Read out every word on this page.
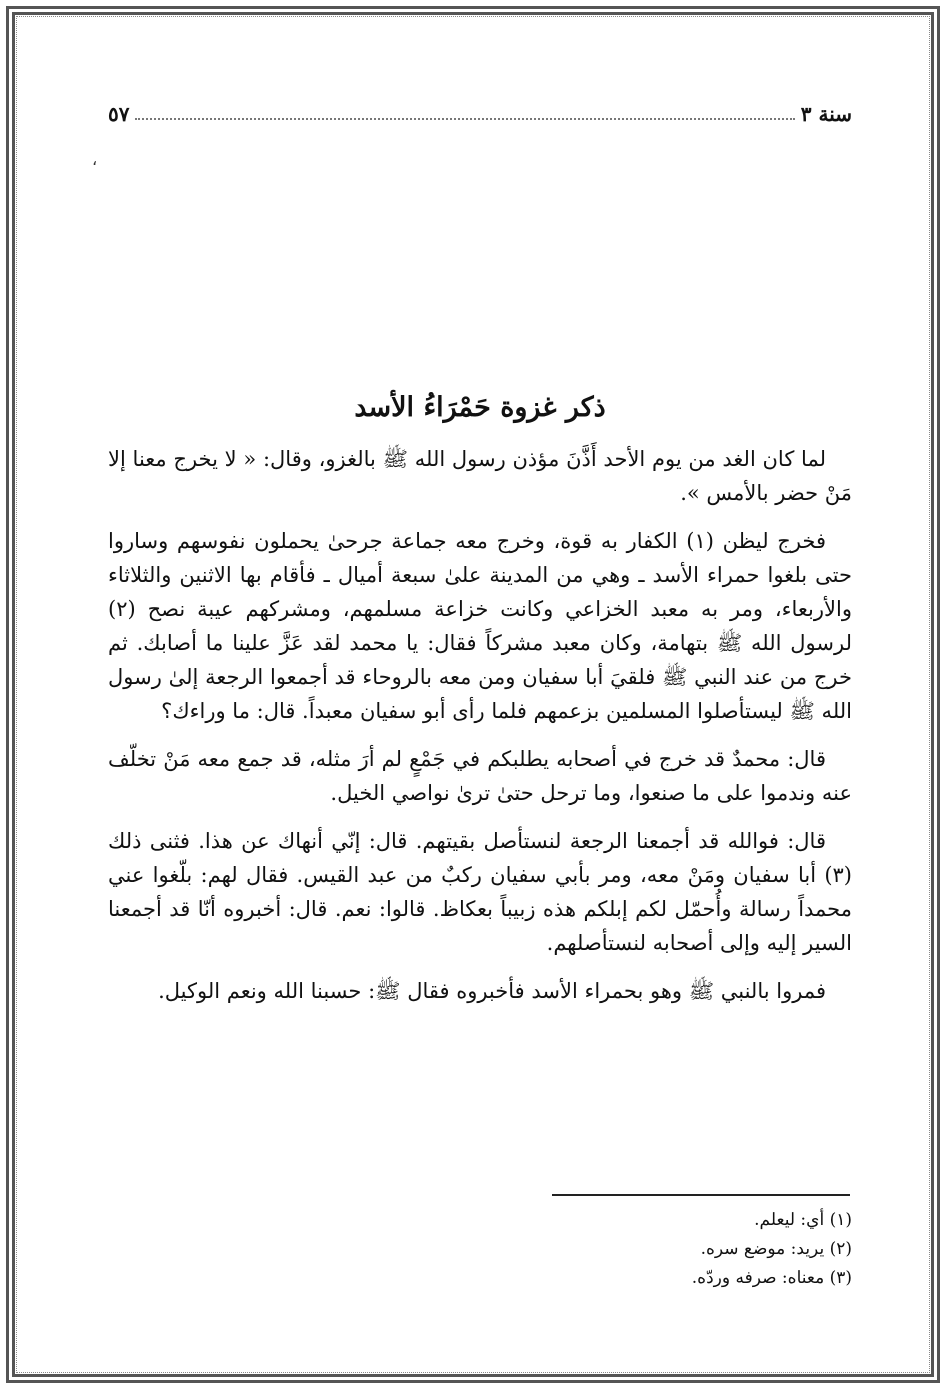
سنة ٣
٥٧
،
ذكر غزوة حَمْرَاءُ الأسد

لما كان الغد من يوم الأحد أَذَّنَ مؤذن رسول الله ﷺ بالغزو، وقال: « لا يخرج معنا إلا مَنْ حضر بالأمس ».

فخرج ليظن (١) الكفار به قوة، وخرج معه جماعة جرحىٰ يحملون نفوسهم وساروا حتى بلغوا حمراء الأسد ـ وهي من المدينة علىٰ سبعة أميال ـ فأقام بها الاثنين والثلاثاء والأربعاء، ومر به معبد الخزاعي وكانت خزاعة مسلمهم، ومشركهم عيبة نصح (٢) لرسول الله ﷺ بتهامة، وكان معبد مشركاً فقال: يا محمد لقد عَزَّ علينا ما أصابك. ثم خرج من عند النبي ﷺ فلقيَ أبا سفيان ومن معه بالروحاء قد أجمعوا الرجعة إلىٰ رسول الله ﷺ ليستأصلوا المسلمين بزعمهم فلما رأى أبو سفيان معبداً. قال: ما وراءك؟

قال: محمدٌ قد خرج في أصحابه يطلبكم في جَمْعٍ لم أرَ مثله، قد جمع معه مَنْ تخلّف عنه وندموا على ما صنعوا، وما ترحل حتىٰ ترىٰ نواصي الخيل.

قال: فوالله قد أجمعنا الرجعة لنستأصل بقيتهم. قال: إنّي أنهاك عن هذا. فثنى ذلك (٣) أبا سفيان ومَنْ معه، ومر بأبي سفيان ركبٌ من عبد القيس. فقال لهم: بلّغوا عني محمداً رسالة وأُحمّل لكم إبلكم هذه زبيباً بعكاظ. قالوا: نعم. قال: أخبروه أنّا قد أجمعنا السير إليه وإلى أصحابه لنستأصلهم.

فمروا بالنبي ﷺ وهو بحمراء الأسد فأخبروه فقال ﷺ: حسبنا الله ونعم الوكيل.

(١) أي: ليعلم.

(٢) يريد: موضع سره.

(٣) معناه: صرفه وردّه.
